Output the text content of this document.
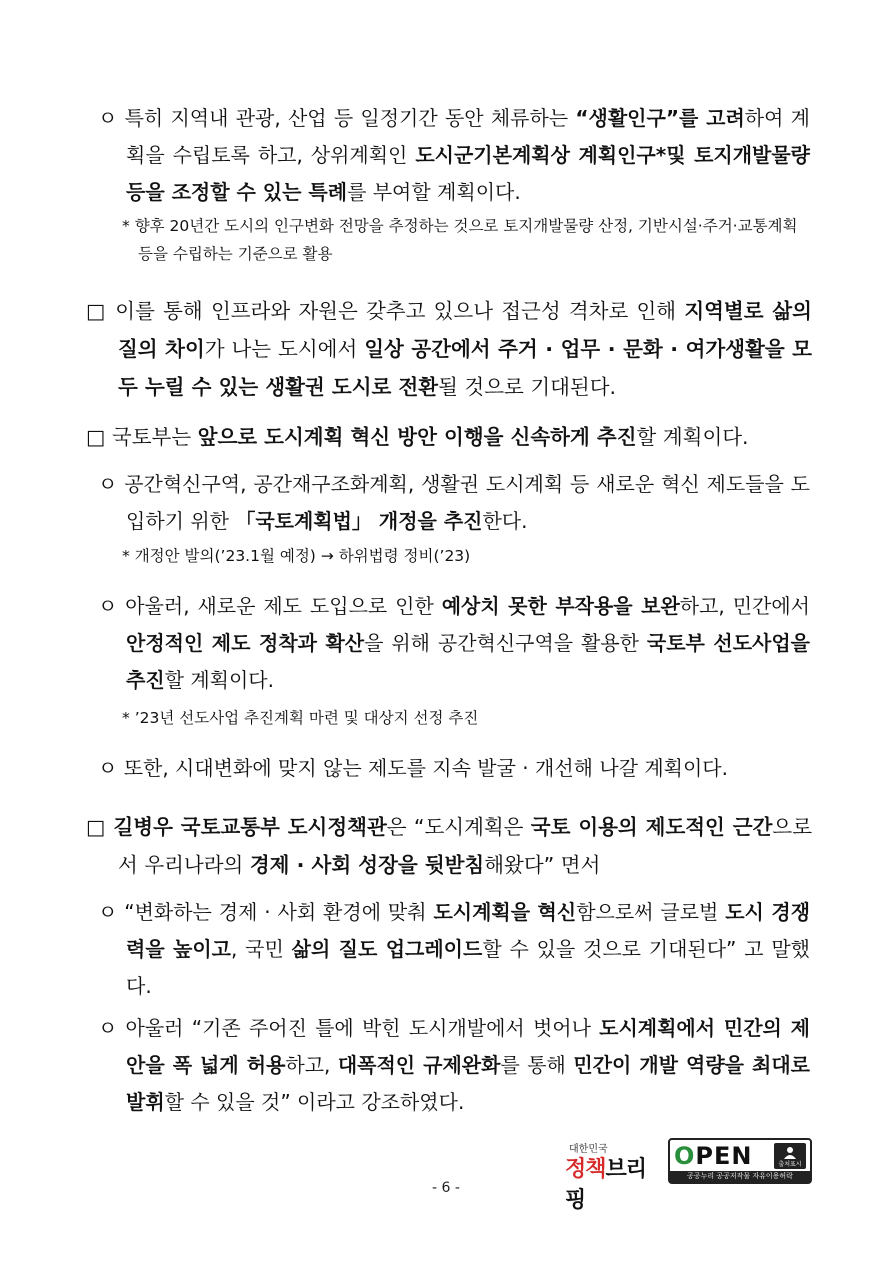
ㅇ 특히 지역내 관광, 산업 등 일정기간 동안 체류하는 “생활인구”를 고려하여 계획을 수립토록 하고, 상위계획인 도시군기본계획상 계획인구*및 토지개발물량 등을 조정할 수 있는 특례를 부여할 계획이다.

* 향후 20년간 도시의 인구변화 전망을 추정하는 것으로 토지개발물량 산정, 기반시설·주거·교통계획 등을 수립하는 기준으로 활용

□ 이를 통해 인프라와 자원은 갖추고 있으나 접근성 격차로 인해 지역별로 삶의 질의 차이가 나는 도시에서 일상 공간에서 주거 · 업무 · 문화 · 여가생활을 모두 누릴 수 있는 생활권 도시로 전환될 것으로 기대된다.

□ 국토부는 앞으로 도시계획 혁신 방안 이행을 신속하게 추진할 계획이다.

ㅇ 공간혁신구역, 공간재구조화계획, 생활권 도시계획 등 새로운 혁신 제도들을 도입하기 위한 「국토계획법」 개정을 추진한다.

* 개정안 발의(’23.1월 예정) → 하위법령 정비(’23)

ㅇ 아울러, 새로운 제도 도입으로 인한 예상치 못한 부작용을 보완하고, 민간에서 안정적인 제도 정착과 확산을 위해 공간혁신구역을 활용한 국토부 선도사업을 추진할 계획이다.

* ’23년 선도사업 추진계획 마련 및 대상지 선정 추진

ㅇ 또한, 시대변화에 맞지 않는 제도를 지속 발굴 · 개선해 나갈 계획이다.

□ 길병우 국토교통부 도시정책관은 “도시계획은 국토 이용의 제도적인 근간으로서 우리나라의 경제 · 사회 성장을 뒷받침해왔다” 면서

ㅇ “변화하는 경제 · 사회 환경에 맞춰 도시계획을 혁신함으로써 글로벌 도시 경쟁력을 높이고, 국민 삶의 질도 업그레이드할 수 있을 것으로 기대된다” 고 말했다.

ㅇ 아울러 “기존 주어진 틀에 박힌 도시개발에서 벗어나 도시계획에서 민간의 제안을 폭 넓게 허용하고, 대폭적인 규제완화를 통해 민간이 개발 역량을 최대로 발휘할 수 있을 것” 이라고 강조하였다.

대한민국
정책브리핑
OPEN	출처표시
공공누리 공공저작물 자유이용허락
- 6 -
